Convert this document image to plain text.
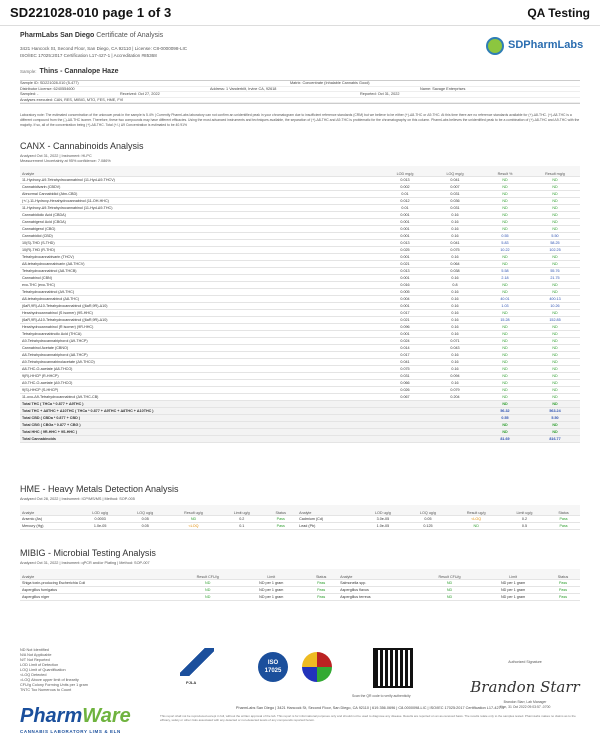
SD221028-010 page 1 of 3	QA Testing
PharmLabs San Diego Certificate of Analysis
3421 Hancock St, Second Floor, San Diego, CA 92110 | License: C8-0000098-LIC
ISO/IEC 17025:2017 Certification L17-427-1 | Accreditation #85368
SDPharmLabs
Sample: Thins - Cannalope Haze
Sample ID: SD221028-010 (5-477)	Matrix: Concentrate (Inhalable Cannabis Good)
Distributor License: 6240554600	Address: 1 Vanderbilt, Irvine CA, 92618	Name: Savage Enterprises
Sampled: -	Received: Oct 27, 2022	Reported: Oct 31, 2022
Analyses executed: CAN, RES, MIBIG, MTO, FES, HME, FVI
Laboratory note: The estimated concentration of the unknown peak in the sample is 5.4% | Currently PharmLabs laboratory can not confirm an unidentified peak in your chromatogram due to insufficient reference standards (CRM) but we believe to be either (+)-Δ8-THC or Δ9-THC. At this time there are no reference standards available for (+)-Δ8-THC. (+)-Δ8-THC is a different compound from the (-)-Δ8-THC isomer. Therefore, these two compounds may have different efficacies. Using the most advanced instruments and techniques available, the separation of (+)-Δ8-THC and Δ9-THC is problematic for the chromatography on this column. PharmLabs believes the unidentified peak to be a combination of (+)-Δ8-THC and Δ9-THC with the majority. If so, all of the concentration being (+)-Δ8-THC. Total (+/-) Δ9 Concentration is estimated to be 40.91%
CANX - Cannabinoids Analysis
Analyzed Oct 31, 2022 | Instrument: HLPC
Measurement Uncertainty at 95% confidence: 7.086%
Analyte	LOD mg/g	LOQ mg/g	Result %	Result mg/g
11-Hydroxy-Δ9-Tetrahydrocannabinol (11-Hyd-Δ9-THCV)	0.013	0.041	ND	ND
Cannabidivarin (CBDV)	0.002	0.007	ND	ND
Abnormal Cannabidiol (Abn-CBD)	0.01	0.031	ND	ND
(+/-)-11-Hydroxy-Hexahydrocannabinol (11-OH-HHC)	0.012	0.036	ND	ND
11-Hydroxy-Δ9-Tetrahydrocannabinol (11-Hyd-Δ9-THC)	0.01	0.031	ND	ND
Cannabidiolic Acid (CBDA)	0.001	0.16	ND	ND
Cannabigerol Acid (CBGA)	0.001	0.16	ND	ND
Cannabigerol (CBG)	0.001	0.16	ND	ND
Cannabidiol (CBD)	0.001	0.16	0.55	5.50
10(S)-THD (S-THD)	0.013	0.041	5.83	58.25
10(R)-THD (R-THD)	0.025	0.075	10.22	102.25
Tetrahydrocannabivarin (THCV)	0.001	0.16	ND	ND
Δ8-tetrahydrocannabivarin (Δ8-THCV)	0.021	0.064	ND	ND
Tetrahydrocannabinol (Δ8-THCB)	0.013	0.038	5.58	55.76
Cannabinol (CBN)	0.001	0.16	2.18	21.75
exo-THC (exo-THC)	0.016	0.8	ND	ND
Tetrahydrocannabinol (Δ9-THC)	0.005	0.16	ND	ND
Δ8-tetrahydrocannabinol (Δ8-THC)	0.004	0.16	40.01	400.13
(6aR,9R)-Δ10-Tetrahydrocannabinol ((6aR,9R)-Δ10)	0.001	0.16	1.03	10.26
Hexahydrocannabinol (S isomer) (9S-HHC)	0.017	0.16	ND	ND
(6aR,9R)-Δ10-Tetrahydrocannabinol ((6aR,9R)-Δ10)	0.021	0.16	15.28	152.85
Hexahydrocannabinol (R isomer) (9R-HHC)	0.096	0.16	ND	ND
Tetrahydrocannabinolic Acid (THCA)	0.001	0.16	ND	ND
Δ9-Tetrahydrocannabiphorol (Δ9-THCP)	0.024	0.071	ND	ND
Cannabinol Acetate (CBNO)	0.014	0.043	ND	ND
Δ8-Tetrahydrocannabiphorol (Δ8-THCP)	0.017	0.16	ND	ND
Δ9-Tetrahydrocannabinolacetate (Δ9-THCO)	0.041	0.16	ND	ND
Δ8-THC-O-acetate (Δ8-THCO)	0.075	0.16	ND	ND
9(R)-HHCP (R-HHCP)	0.031	0.094	ND	ND
Δ9-THC-O-acetate (Δ9-THCO)	0.066	0.16	ND	ND
9(S)-HHCP (S-HHCP)	0.026	0.079	ND	ND
11-oxo-Δ9-Tetrahydrocannabinol (Δ9-THC-CB)	0.067	0.204	ND	ND
Total THC ( THCa * 0.877 + Δ9THC )			ND	ND
Total THC + Δ8THC + Δ10THC ( THCa * 0.877 + Δ9THC + Δ8THC + Δ10THC )			56.32	563.24
Total CBD ( CBDa * 0.877 + CBD )			0.55	5.50
Total CBG ( CBGa * 0.877 + CBG )			ND	ND
Total HHC ( 9R-HHC + 9S-HHC )			ND	ND
Total Cannabinoids			81.69	816.77
HME - Heavy Metals Detection Analysis
Analyzed Oct 28, 2022 | Instrument: ICP/MS/MS | Method: SOP-005
Analyte	LOD ug/g	LOQ ug/g	Result ug/g	Limit ug/g	Status	Analyte	LOD ug/g	LOQ ug/g	Result ug/g	Limit ug/g	Status
Arsenic (As)	0.0003	0.05	ND	0.2	Pass	Cadmium (Cd)	3.0e-05	0.05	<LOQ	0.2	Pass
Mercury (Hg)	1.0e-05	0.05	<LOQ	0.1	Pass	Lead (Pb)	1.0e-05	0.125	ND	0.5	Pass
MIBIG - Microbial Testing Analysis
Analyzed Oct 31, 2022 | Instrument: qPCR and/or Plating | Method: SOP-007
Analyte	Result CFU/g	Limit	Status	Analyte	Result CFU/g	Limit	Status
Shiga toxin-producing Escherichia Coli	ND	ND per 1 gram	Pass	Salmonella spp.	ND	ND per 1 gram	Pass
Aspergillus fumigatus	ND	ND per 1 gram	Pass	Aspergillus flavus	ND	ND per 1 gram	Pass
Aspergillus niger	ND	ND per 1 gram	Pass	Aspergillus terreus	ND	ND per 1 gram	Pass
ND Not Identified
N/A Not Applicable
N/T Not Reported
LOD Limit of Detection
LOQ Limit of Quantification
<LOQ Detected
=LOQ Above upper limit of linearity
CFU/g Colony Forming Units per 1 gram
TNTC Too Numerous to Count
PJLA
ISO
17025
Scan the QR code to verify authenticity
Authorized Signature
Brandon Starr
Brandon Starr, Lab Manager
Mon, 31 Oct 2022 09:03:57 -0700
PharmWare
CANNABIS LABORATORY LIMS & ELN
PharmLabs San Diego | 3421 Hancock St, Second Floor, San Diego, CA 92110 | 619.356.0696 | C8-0000098-LIC | ISO/IEC 17025:2017 Certification L17-427-1
This report shall not be reproduced except in full, without the written approval of the lab. This report is for informational purposes only and should not be used to diagnose any disease. Results are reported on an as-received basis. The results relate only to the samples tested. PharmLabs makes no claims as to the efficacy, safety or other risks associated with any detected or non-detected levels of any compounds reported herein.
